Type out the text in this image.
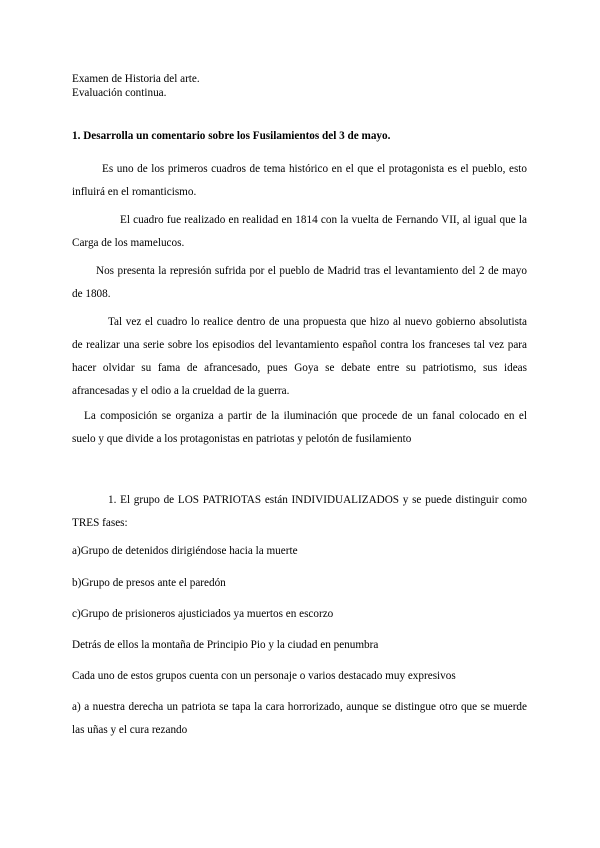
Examen de Historia del arte.
Evaluación continua.
1. Desarrolla un comentario sobre los Fusilamientos del 3 de mayo.

Es uno de los primeros cuadros de tema histórico en el que el protagonista es el pueblo, esto influirá en el romanticismo.

El cuadro fue realizado en realidad en 1814 con la vuelta de Fernando VII, al igual que la Carga de los mamelucos.

Nos presenta la represión sufrida por el pueblo de Madrid tras el levantamiento del 2 de mayo de 1808.

Tal vez el cuadro lo realice dentro de una propuesta que hizo al nuevo gobierno absolutista de realizar una serie sobre los episodios del levantamiento español contra los franceses tal vez para hacer olvidar su fama de afrancesado, pues Goya se debate entre su patriotismo, sus ideas afrancesadas y el odio a la crueldad de la guerra.

La composición se organiza a partir de la iluminación que procede de un fanal colocado en el suelo y que divide a los protagonistas en patriotas y pelotón de fusilamiento

1. El grupo de LOS PATRIOTAS están INDIVIDUALIZADOS y se puede distinguir como TRES fases:

a)Grupo de detenidos dirigiéndose hacia la muerte
b)Grupo de presos ante el paredón
c)Grupo de prisioneros ajusticiados ya muertos en escorzo
Detrás de ellos la montaña de Principio Pio y la ciudad en penumbra
Cada uno de estos grupos cuenta con un personaje o varios destacado muy expresivos

a) a nuestra derecha un patriota se tapa la cara horrorizado, aunque se distingue otro que se muerde las uñas y el cura rezando
